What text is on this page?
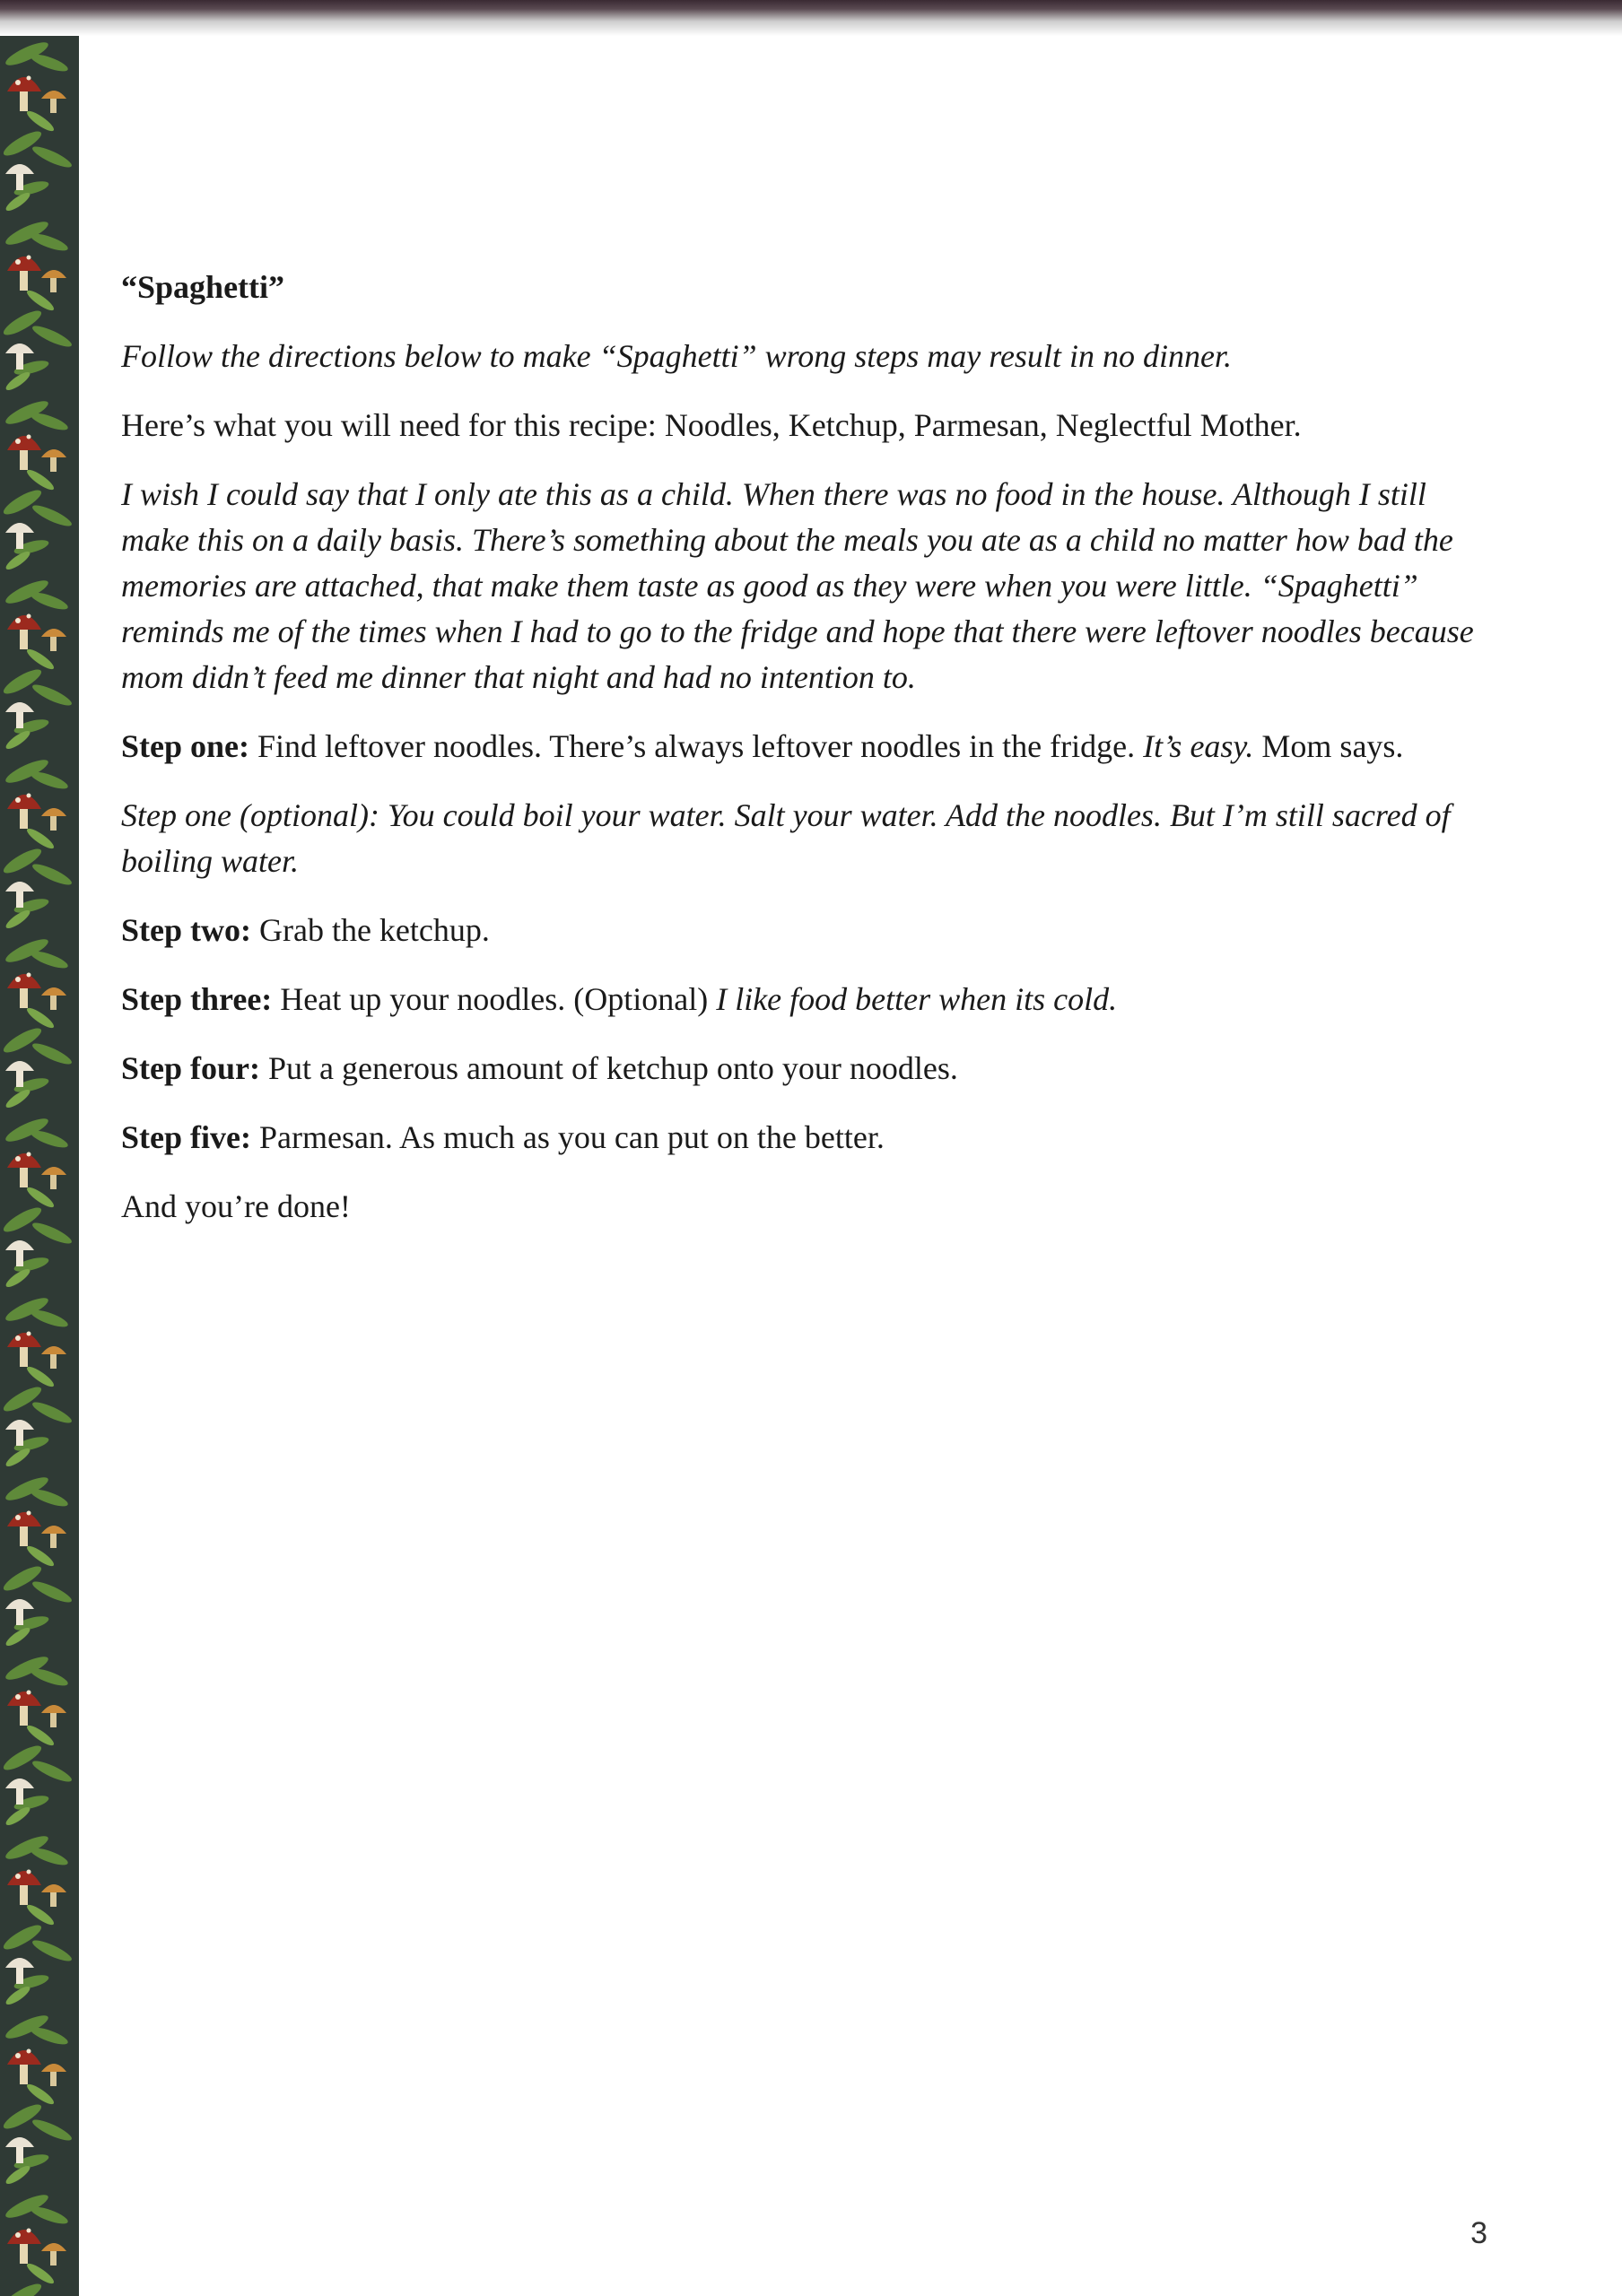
“Spaghetti”

Follow the directions below to make “Spaghetti” wrong steps may result in no dinner.

Here’s what you will need for this recipe: Noodles, Ketchup, Parmesan, Neglectful Mother.

I wish I could say that I only ate this as a child. When there was no food in the house. Although I still make this on a daily basis. There’s something about the meals you ate as a child no matter how bad the memories are attached, that make them taste as good as they were when you were little. “Spaghetti” reminds me of the times when I had to go to the fridge and hope that there were leftover noodles because mom didn’t feed me dinner that night and had no intention to.

Step one: Find leftover noodles. There’s always leftover noodles in the fridge. It’s easy. Mom says.

Step one (optional): You could boil your water. Salt your water. Add the noodles. But I’m still sacred of boiling water.

Step two: Grab the ketchup.

Step three: Heat up your noodles. (Optional) I like food better when its cold.

Step four: Put a generous amount of ketchup onto your noodles.

Step five: Parmesan. As much as you can put on the better.

And you’re done!

3
